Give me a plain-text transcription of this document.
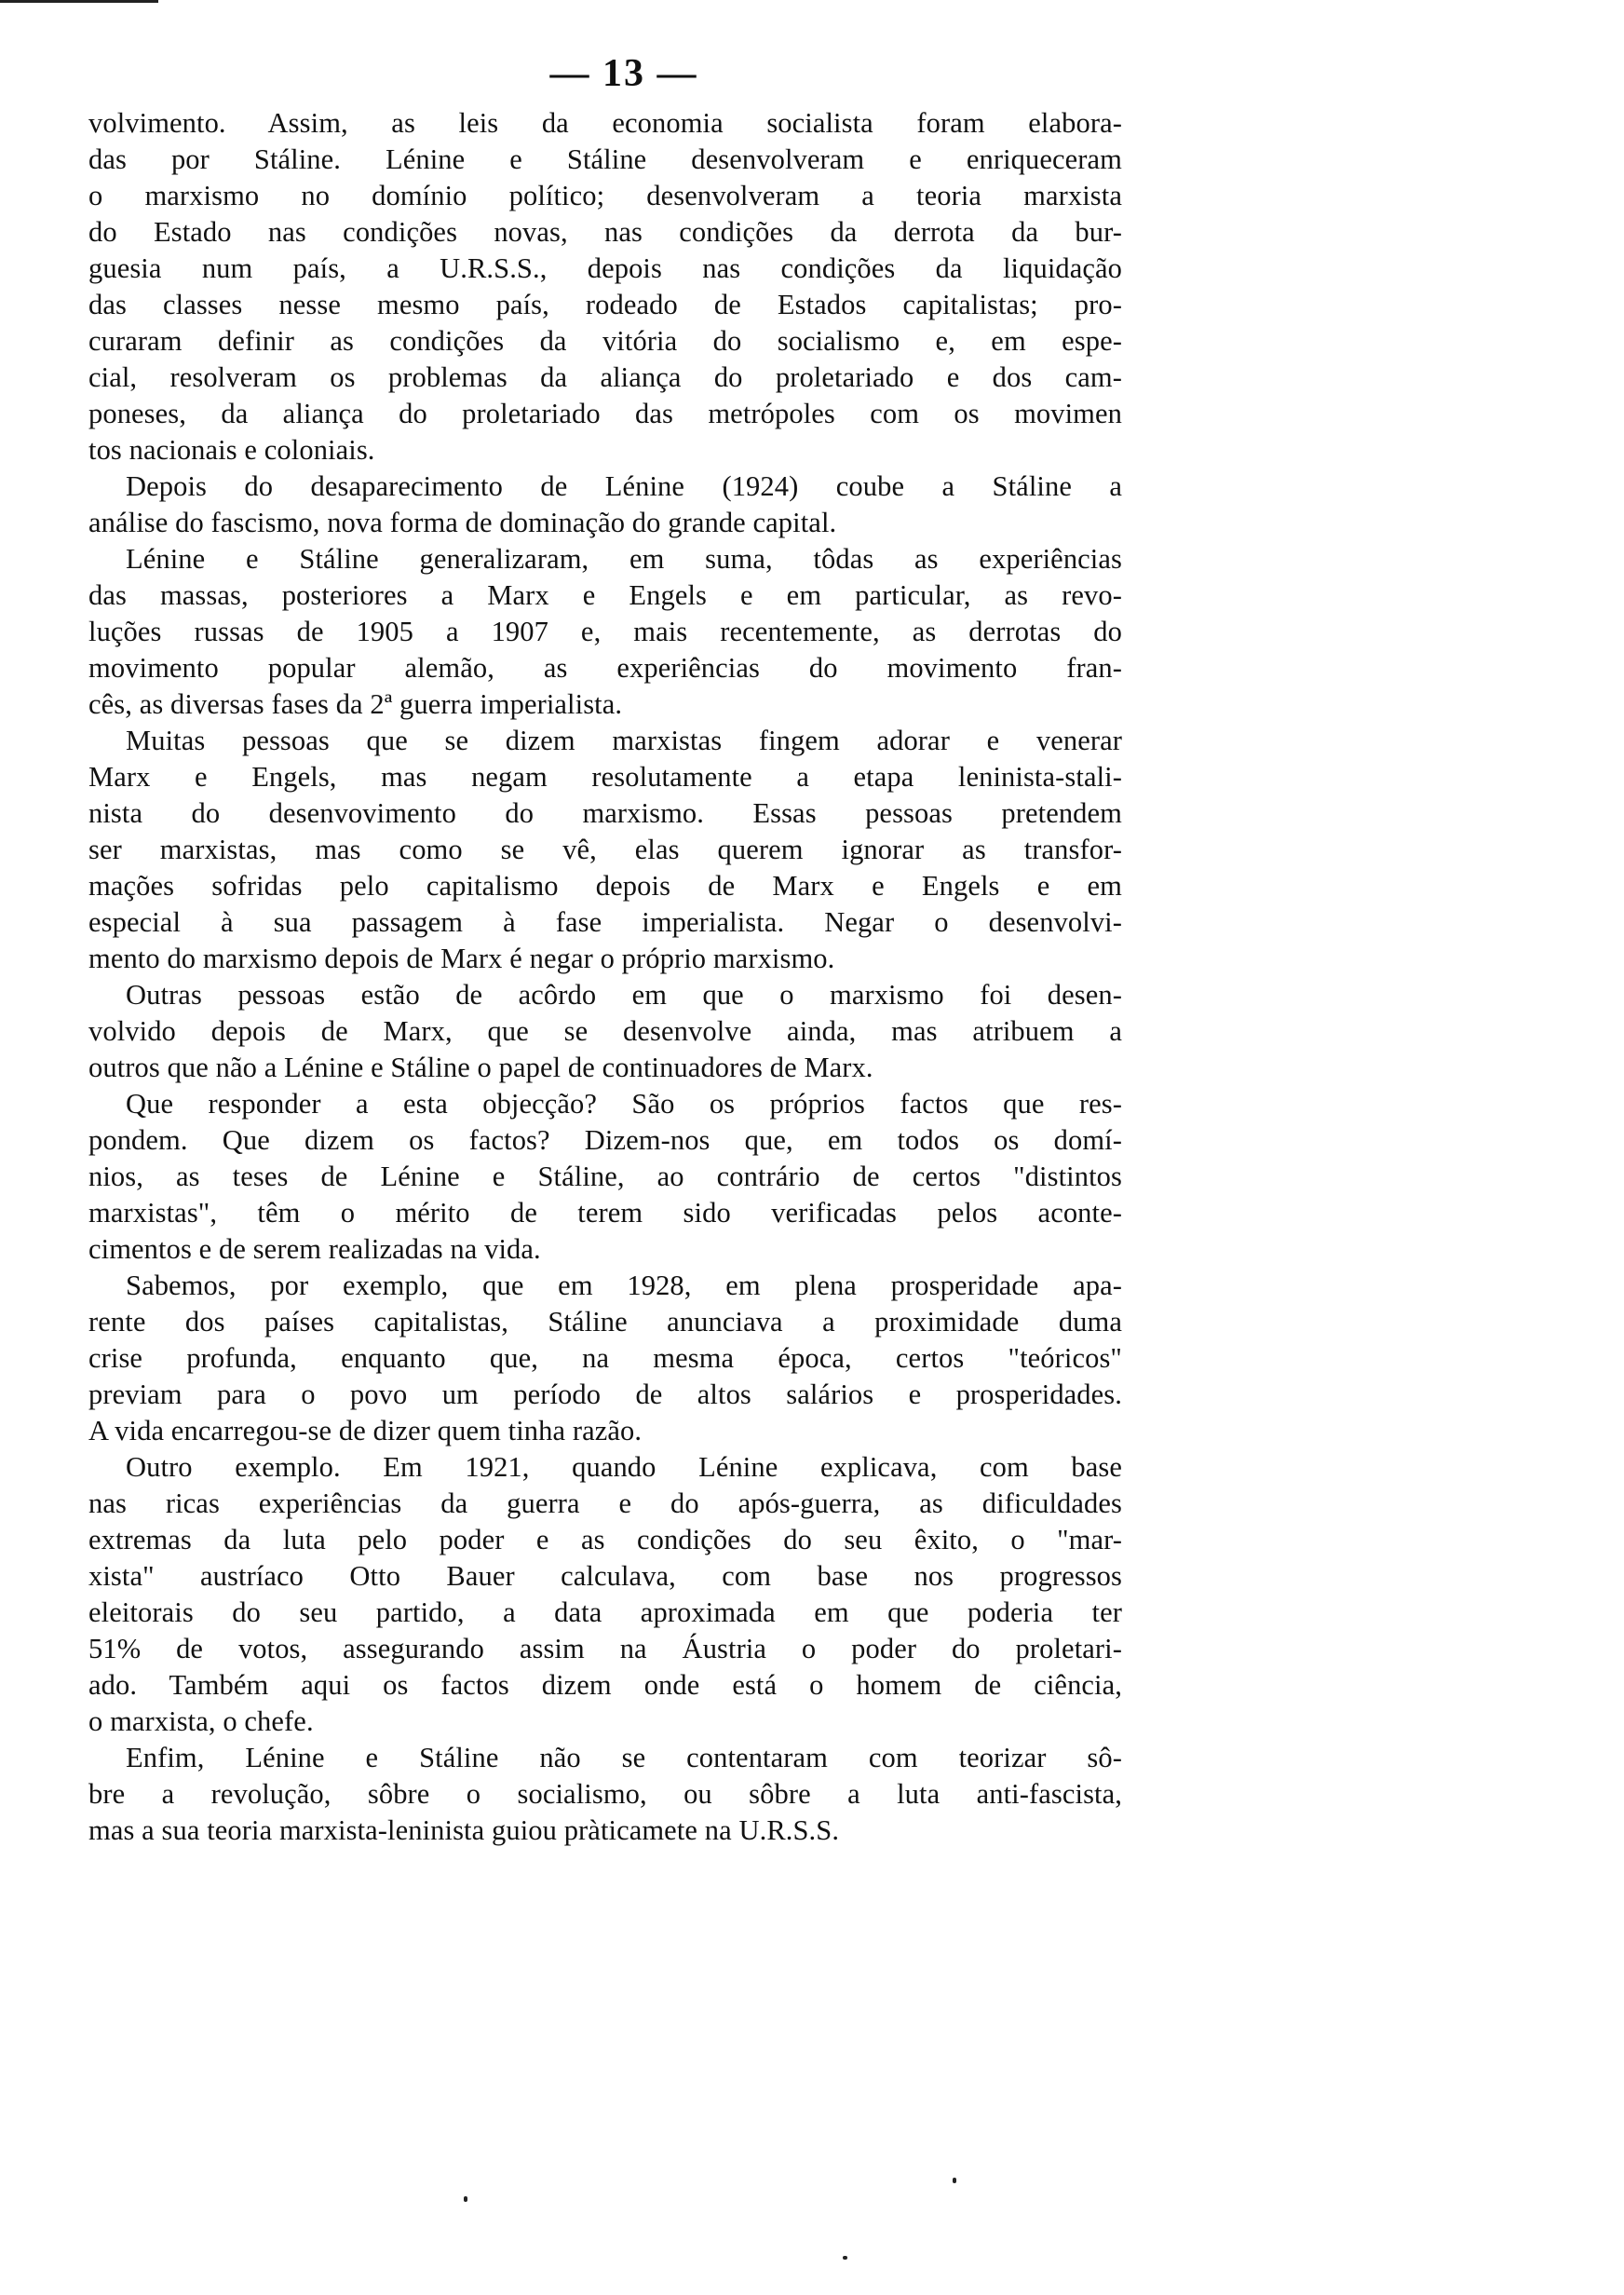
— 13 —
volvimento. Assim, as leis da economia socialista foram elabora-
das por Stáline. Lénine e Stáline desenvolveram e enriqueceram
o marxismo no domínio político; desenvolveram a teoria marxista
do Estado nas condições novas, nas condições da derrota da bur-
guesia num país, a U.R.S.S., depois nas condições da liquidação
das classes nesse mesmo país, rodeado de Estados capitalistas; pro-
curaram definir as condições da vitória do socialismo e, em espe-
cial, resolveram os problemas da aliança do proletariado e dos cam-
poneses, da aliança do proletariado das metrópoles com os movimen
tos nacionais e coloniais.
Depois do desaparecimento de Lénine (1924) coube a Stáline a
análise do fascismo, nova forma de dominação do grande capital.
Lénine e Stáline generalizaram, em suma, tôdas as experiências
das massas, posteriores a Marx e Engels e em particular, as revo-
luções russas de 1905 a 1907 e, mais recentemente, as derrotas do
movimento popular alemão, as experiências do movimento fran-
cês, as diversas fases da 2ª guerra imperialista.
Muitas pessoas que se dizem marxistas fingem adorar e venerar
Marx e Engels, mas negam resolutamente a etapa leninista-stali-
nista do desenvovimento do marxismo. Essas pessoas pretendem
ser marxistas, mas como se vê, elas querem ignorar as transfor-
mações sofridas pelo capitalismo depois de Marx e Engels e em
especial à sua passagem à fase imperialista. Negar o desenvolvi-
mento do marxismo depois de Marx é negar o próprio marxismo.
Outras pessoas estão de acôrdo em que o marxismo foi desen-
volvido depois de Marx, que se desenvolve ainda, mas atribuem a
outros que não a Lénine e Stáline o papel de continuadores de Marx.
Que responder a esta objecção? São os próprios factos que res-
pondem. Que dizem os factos? Dizem-nos que, em todos os domí-
nios, as teses de Lénine e Stáline, ao contrário de certos "distintos
marxistas", têm o mérito de terem sido verificadas pelos aconte-
cimentos e de serem realizadas na vida.
Sabemos, por exemplo, que em 1928, em plena prosperidade apa-
rente dos países capitalistas, Stáline anunciava a proximidade duma
crise profunda, enquanto que, na mesma época, certos "teóricos"
previam para o povo um período de altos salários e prosperidades.
A vida encarregou-se de dizer quem tinha razão.
Outro exemplo. Em 1921, quando Lénine explicava, com base
nas ricas experiências da guerra e do após-guerra, as dificuldades
extremas da luta pelo poder e as condições do seu êxito, o "mar-
xista" austríaco Otto Bauer calculava, com base nos progressos
eleitorais do seu partido, a data aproximada em que poderia ter
51% de votos, assegurando assim na Áustria o poder do proletari-
ado. Também aqui os factos dizem onde está o homem de ciência,
o marxista, o chefe.
Enfim, Lénine e Stáline não se contentaram com teorizar sô-
bre a revolução, sôbre o socialismo, ou sôbre a luta anti-fascista,
mas a sua teoria marxista-leninista guiou pràticamete na U.R.S.S.
